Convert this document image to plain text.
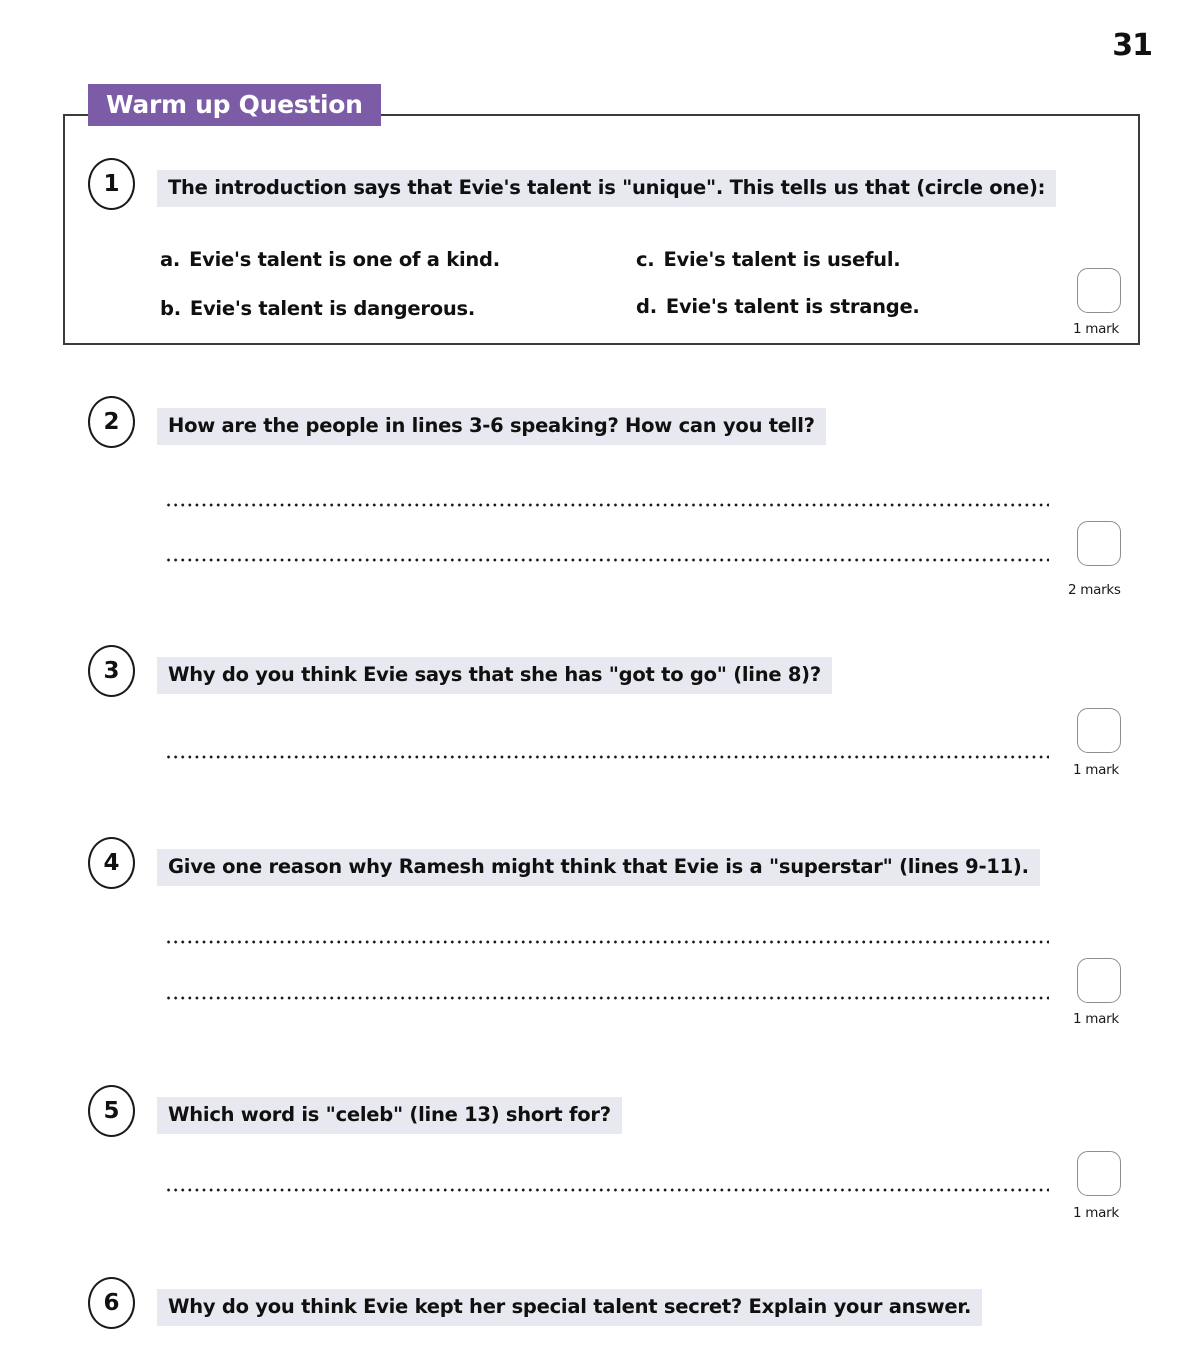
31
Warm up Question
1	The introduction says that Evie's talent is "unique". This tells us that (circle one):
a. Evie's talent is one of a kind.
b. Evie's talent is dangerous.
c. Evie's talent is useful.
d. Evie's talent is strange.
1 mark
2	How are the people in lines 3-6 speaking? How can you tell?
2 marks
3	Why do you think Evie says that she has "got to go" (line 8)?
1 mark
4	Give one reason why Ramesh might think that Evie is a "superstar" (lines 9-11).
1 mark
5	Which word is "celeb" (line 13) short for?
1 mark
6	Why do you think Evie kept her special talent secret? Explain your answer.
